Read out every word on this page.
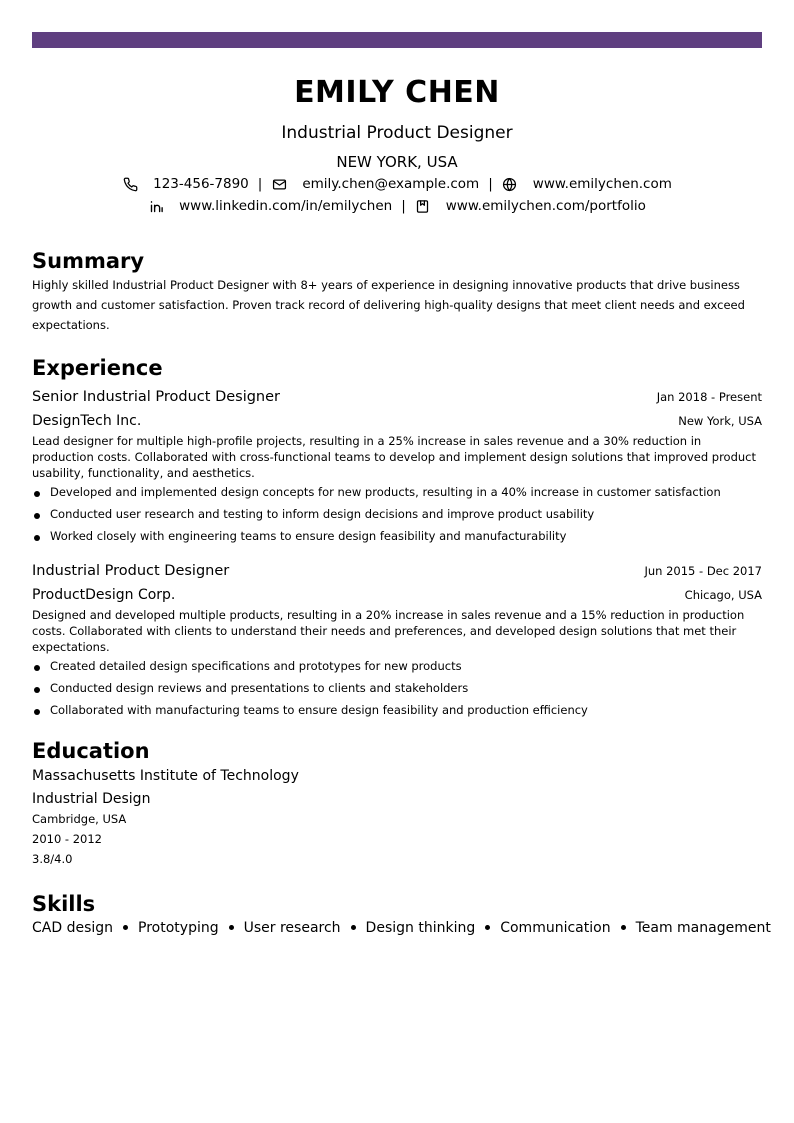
EMILY CHEN
Industrial Product Designer
NEW YORK, USA
123-456-7890 |	emily.chen@example.com |	www.emilychen.com
www.linkedin.com/in/emilychen |	www.emilychen.com/portfolio
Summary
Highly skilled Industrial Product Designer with 8+ years of experience in designing innovative products that drive business growth and customer satisfaction. Proven track record of delivering high-quality designs that meet client needs and exceed expectations.
Experience
Senior Industrial Product Designer	Jan 2018 - Present
DesignTech Inc.	New York, USA
Lead designer for multiple high-profile projects, resulting in a 25% increase in sales revenue and a 30% reduction in production costs. Collaborated with cross-functional teams to develop and implement design solutions that improved product usability, functionality, and aesthetics.
Developed and implemented design concepts for new products, resulting in a 40% increase in customer satisfaction
Conducted user research and testing to inform design decisions and improve product usability
Worked closely with engineering teams to ensure design feasibility and manufacturability
Industrial Product Designer	Jun 2015 - Dec 2017
ProductDesign Corp.	Chicago, USA
Designed and developed multiple products, resulting in a 20% increase in sales revenue and a 15% reduction in production costs. Collaborated with clients to understand their needs and preferences, and developed design solutions that met their expectations.
Created detailed design specifications and prototypes for new products
Conducted design reviews and presentations to clients and stakeholders
Collaborated with manufacturing teams to ensure design feasibility and production efficiency
Education
Massachusetts Institute of Technology
Industrial Design
Cambridge, USA
2010 - 2012
3.8/4.0
Skills
CAD design Prototyping User research Design thinking Communication Team management
